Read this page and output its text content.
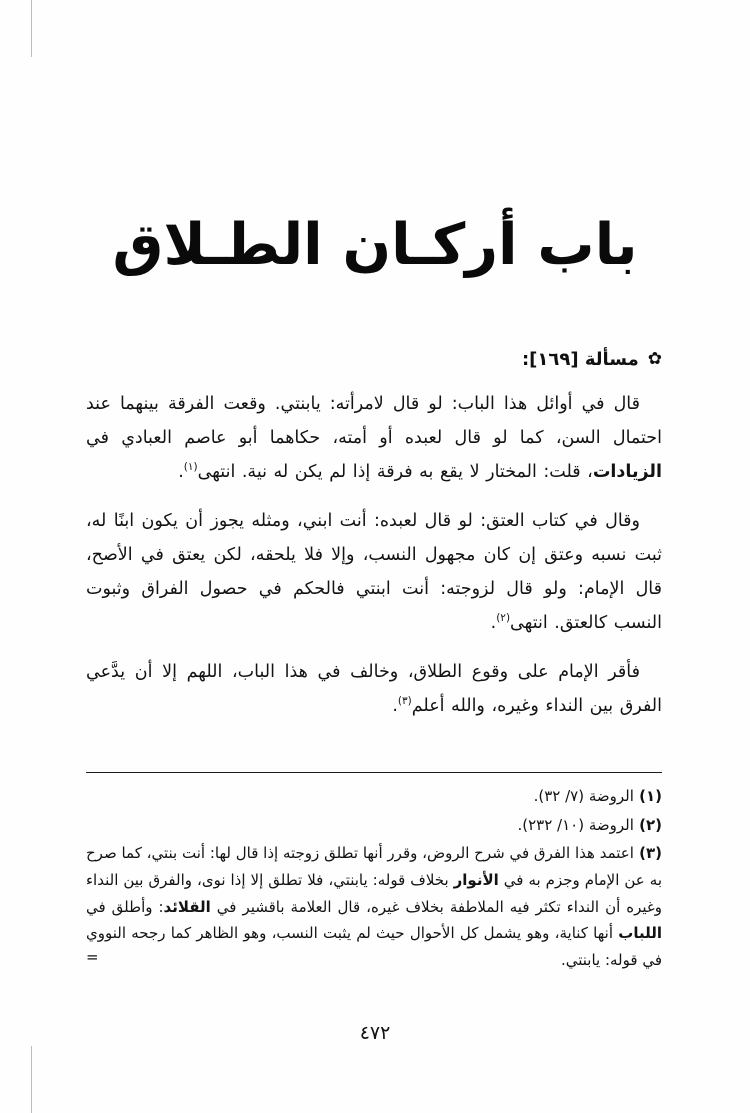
باب أركـان الطـلاق
✿
مسألة [١٦٩]:

قال في أوائل هذا الباب: لو قال لامرأته: يابنتي. وقعت الفرقة بينهما عند احتمال السن، كما لو قال لعبده أو أمته، حكاهما أبو عاصم العبادي في الزيادات، قلت: المختار لا يقع به فرقة إذا لم يكن له نية. انتهى$^{(١)}$.

وقال في كتاب العتق: لو قال لعبده: أنت ابني، ومثله يجوز أن يكون ابنًا له، ثبت نسبه وعتق إن كان مجهول النسب، وإلا فلا يلحقه، لكن يعتق في الأصح، قال الإمام: ولو قال لزوجته: أنت ابنتي فالحكم في حصول الفراق وثبوت النسب كالعتق. انتهى$^{(٢)}$.

فأقر الإمام على وقوع الطلاق، وخالف في هذا الباب، اللهم إلا أن يدَّعي الفرق بين النداء وغيره، والله أعلم$^{(٣)}$.

(١) الروضة (٧/ ٣٢).
(٢) الروضة (١٠/ ٢٣٢).
(٣) اعتمد هذا الفرق في شرح الروض، وقرر أنها تطلق زوجته إذا قال لها: أنت بنتي، كما صرح به عن الإمام وجزم به في الأنوار بخلاف قوله: يابنتي، فلا تطلق إلا إذا نوى، والفرق بين النداء وغيره أن النداء تكثر فيه الملاطفة بخلاف غيره، قال العلامة باقشير في القلائد: وأطلق في اللباب أنها كناية، وهو يشمل كل الأحوال حيث لم يثبت النسب، وهو الظاهر كما رجحه النووي في قوله: يابنتي.
=
٤٧٢
